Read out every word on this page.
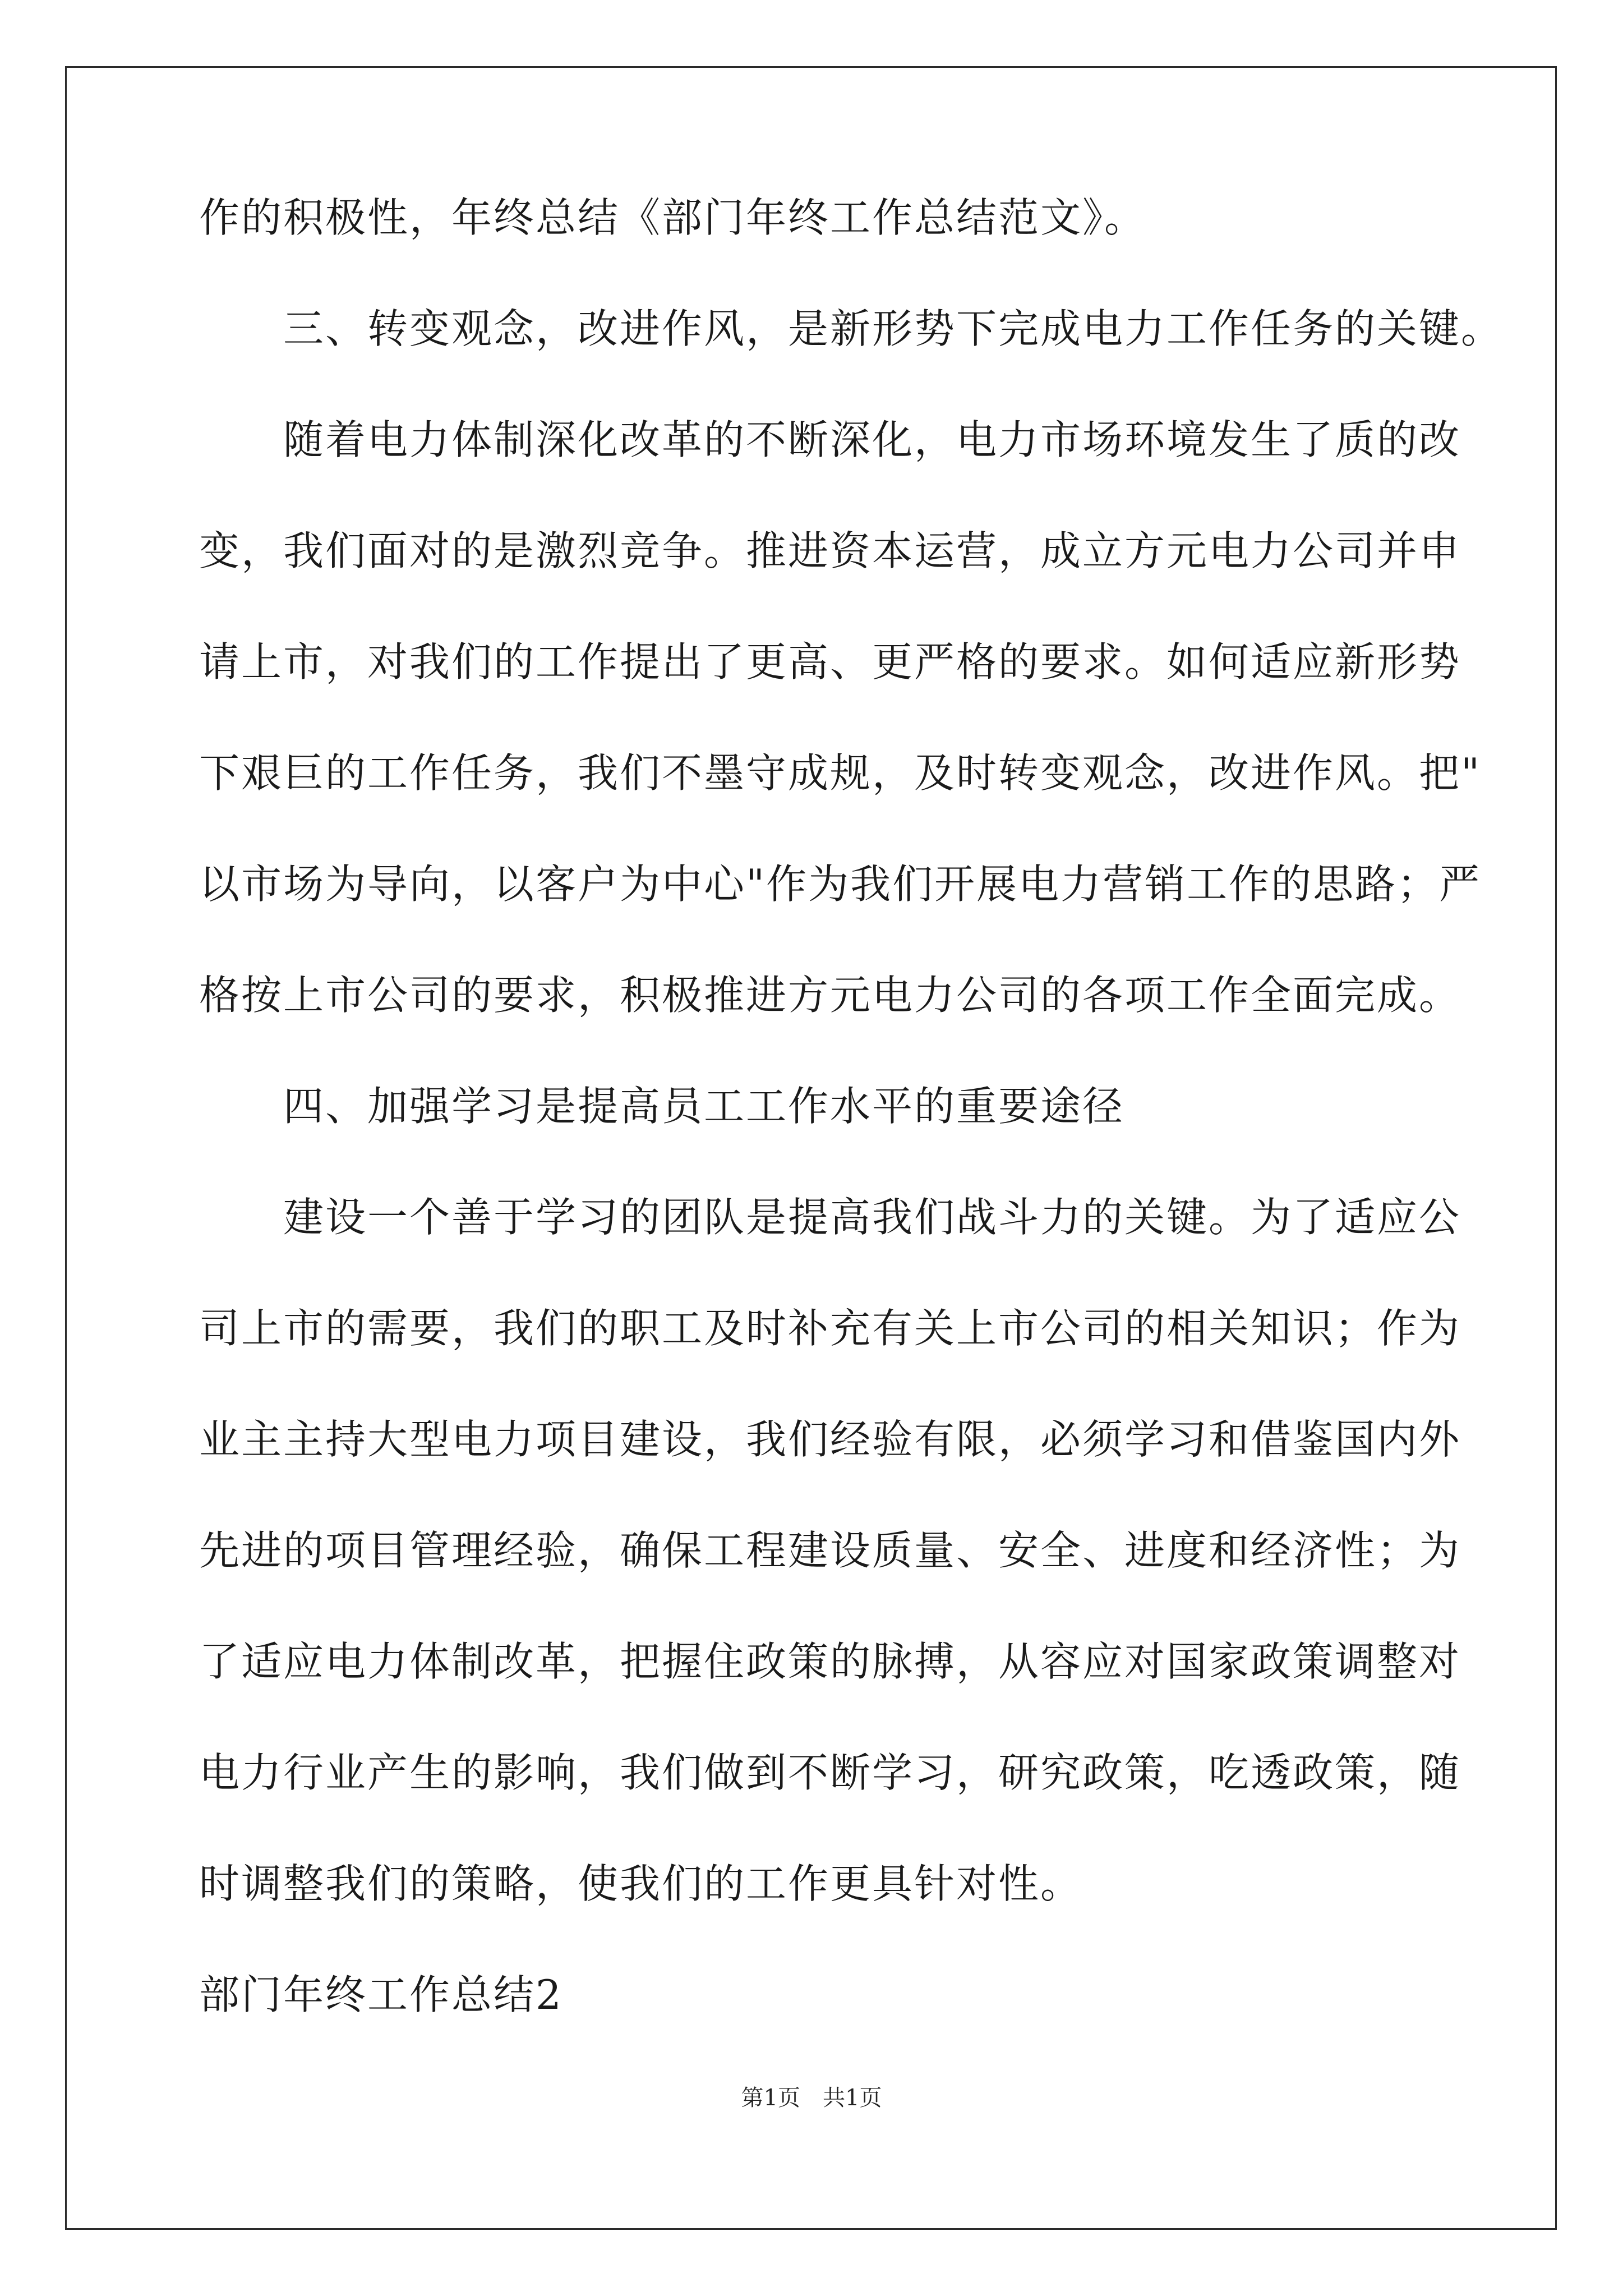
作的积极性，年终总结《部门年终工作总结范文》。
三、转变观念，改进作风，是新形势下完成电力工作任务的关键。
随着电力体制深化改革的不断深化，电力市场环境发生了质的改
变，我们面对的是激烈竞争。推进资本运营，成立方元电力公司并申
请上市，对我们的工作提出了更高、更严格的要求。如何适应新形势
下艰巨的工作任务，我们不墨守成规，及时转变观念，改进作风。把"
以市场为导向，以客户为中心"作为我们开展电力营销工作的思路；严
格按上市公司的要求，积极推进方元电力公司的各项工作全面完成。
四、加强学习是提高员工工作水平的重要途径
建设一个善于学习的团队是提高我们战斗力的关键。为了适应公
司上市的需要，我们的职工及时补充有关上市公司的相关知识；作为
业主主持大型电力项目建设，我们经验有限，必须学习和借鉴国内外
先进的项目管理经验，确保工程建设质量、安全、进度和经济性；为
了适应电力体制改革，把握住政策的脉搏，从容应对国家政策调整对
电力行业产生的影响，我们做到不断学习，研究政策，吃透政策，随
时调整我们的策略，使我们的工作更具针对性。
部门年终工作总结2
第1页　共1页
